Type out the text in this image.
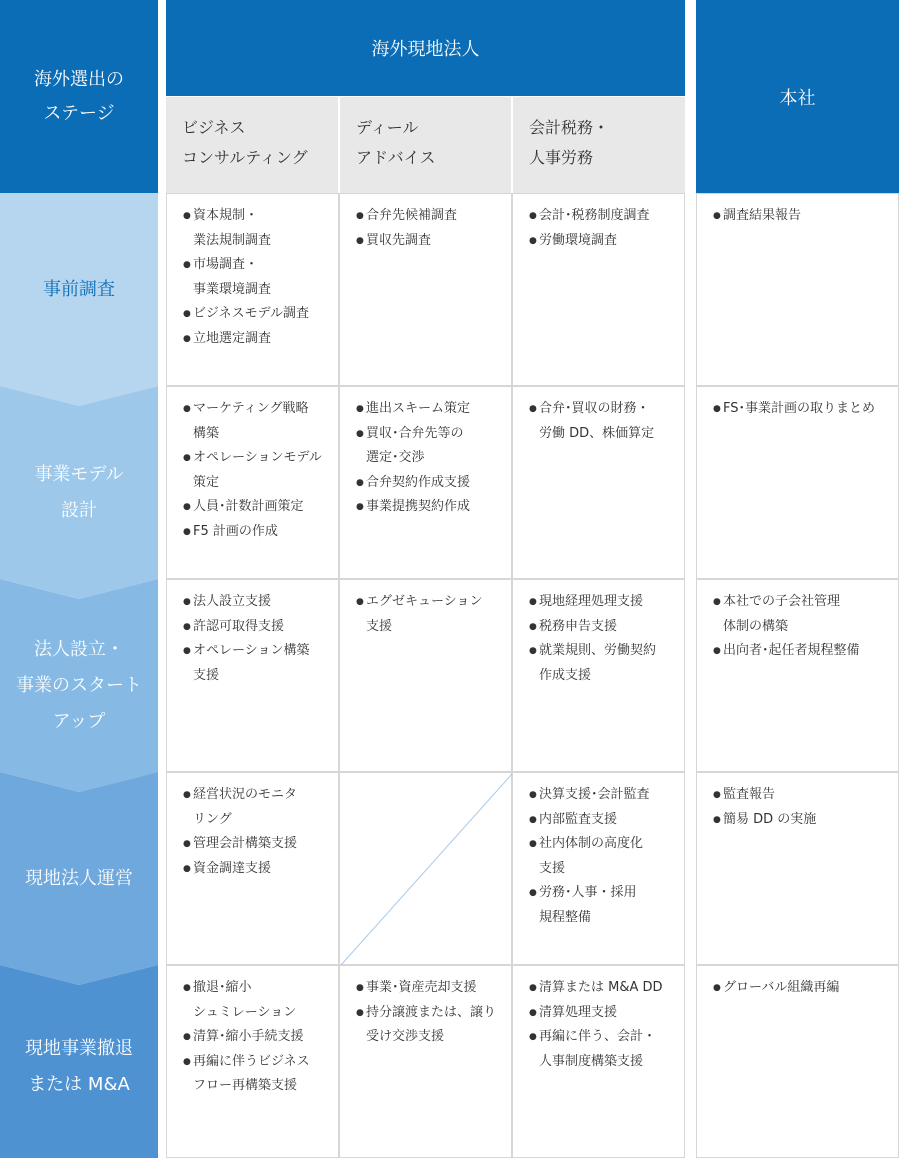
海外選出の
ステージ
海外現地法人
本社
ビジネス
コンサルティング
ディール
アドバイス
会計税務・
人事労務
事前調査
事業モデル
設計
法人設立・
事業のスタート
アップ
現地法人運営
現地事業撤退
または M&A
● 資本規制・
業法規制調査
● 市場調査・
事業環境調査
● ビジネスモデル調査
● 立地選定調査
● 合弁先候補調査
● 買収先調査
● 会計･税務制度調査
● 労働環境調査
● 調査結果報告
● マーケティング戦略
構築
● オペレーションモデル
策定
● 人員･計数計画策定
● F5 計画の作成
● 進出スキーム策定
● 買収･合弁先等の
選定･交渉
● 合弁契約作成支援
● 事業提携契約作成
● 合弁･買収の財務・
労働 DD、株価算定
● FS･事業計画の取りまとめ
● 法人設立支援
● 許認可取得支援
● オペレーション構築
支援
● エグゼキューション
支援
● 現地経理処理支援
● 税務申告支援
● 就業規則、労働契約
作成支援
● 本社での子会社管理
体制の構築
● 出向者･起任者規程整備
● 経営状況のモニタ
リング
● 管理会計構築支援
● 資金調達支援
● 決算支援･会計監査
● 内部監査支援
● 社内体制の高度化
支援
● 労務･人事・採用
規程整備
● 監査報告
● 簡易 DD の実施
● 撤退･縮小
シュミレーション
● 清算･縮小手続支援
● 再編に伴うビジネス
フロー再構築支援
● 事業･資産売却支援
● 持分譲渡または、譲り
受け交渉支援
● 清算または M&A DD
● 清算処理支援
● 再編に伴う、会計・
人事制度構築支援
● グローバル組織再編
